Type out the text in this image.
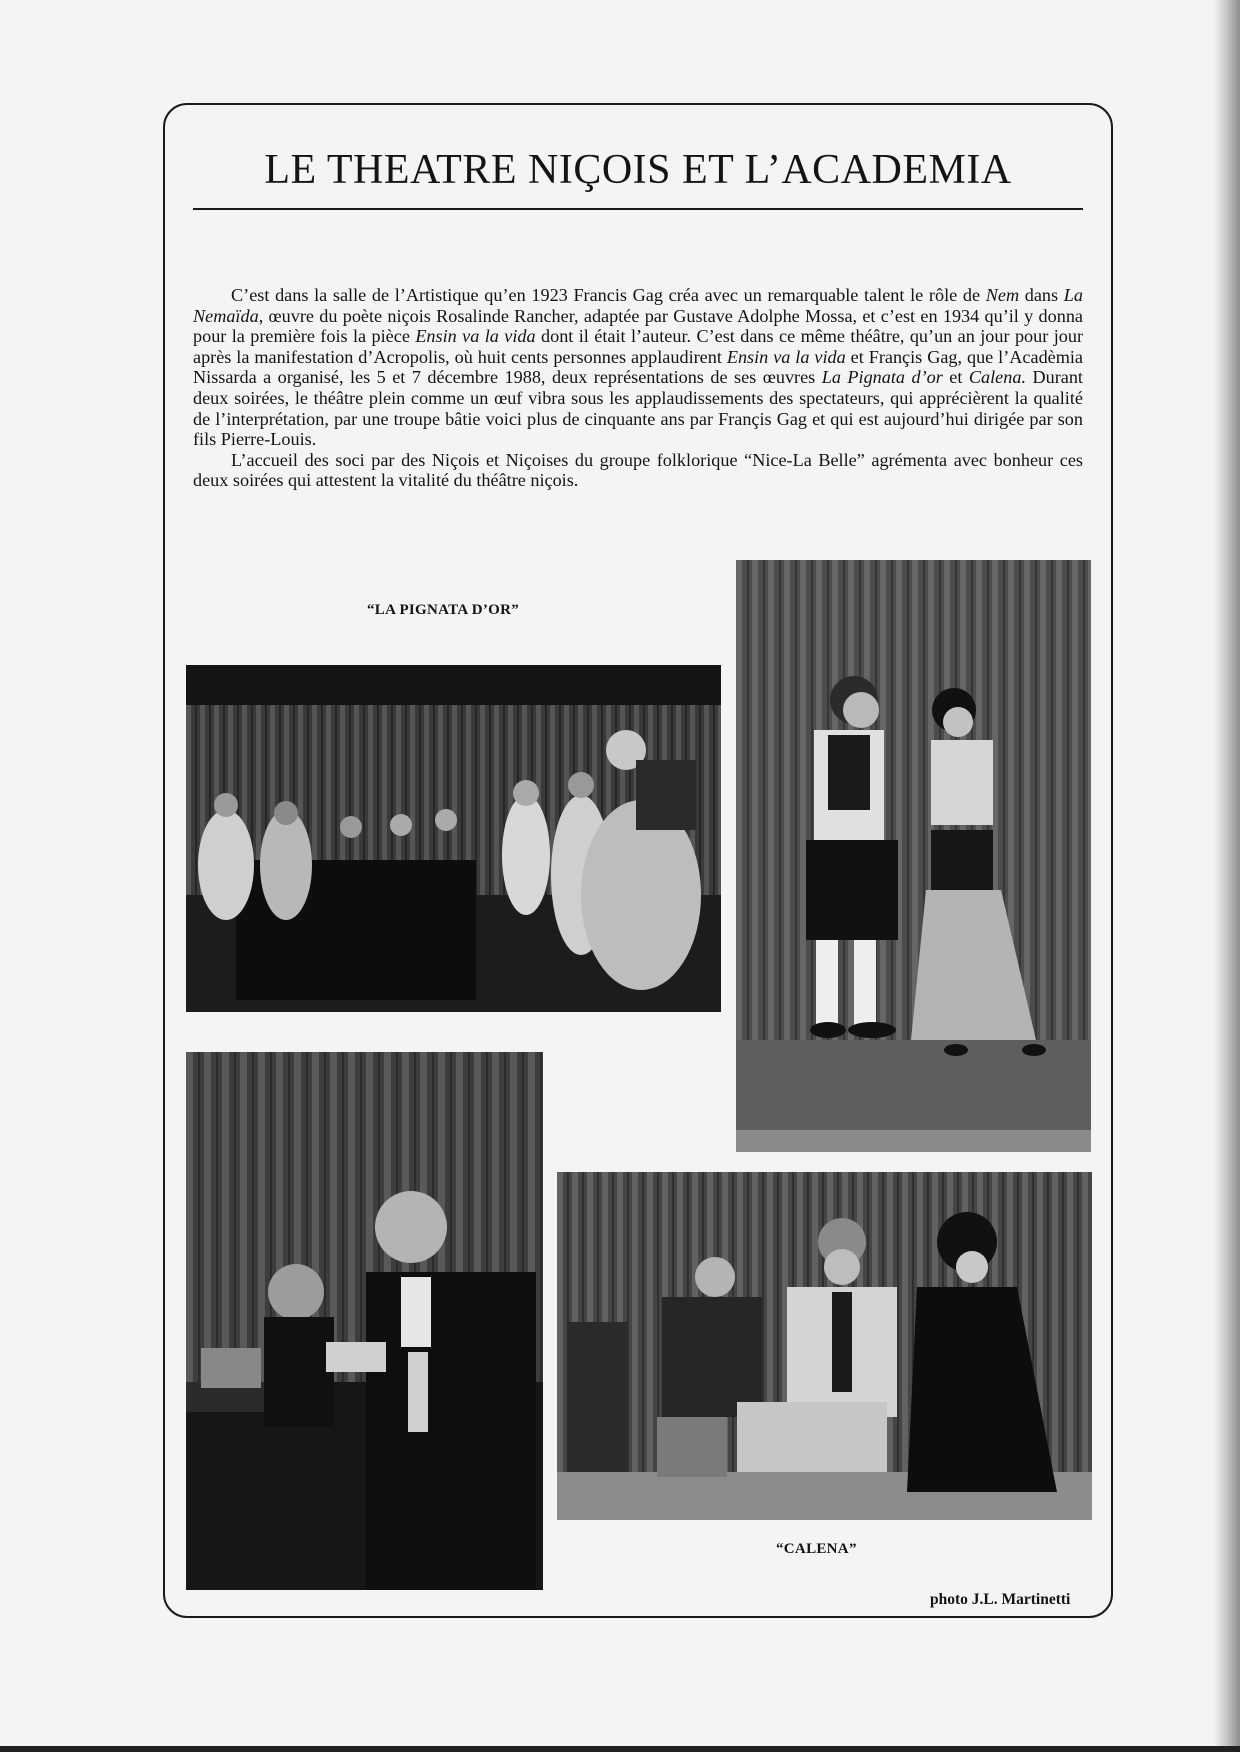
LE THEATRE NIÇOIS ET L’ACADEMIA

C’est dans la salle de l’Artistique qu’en 1923 Francis Gag créa avec un remarquable talent le rôle de Nem dans La Nemaïda, œuvre du poète niçois Rosalinde Rancher, adaptée par Gustave Adolphe Mossa, et c’est en 1934 qu’il y donna pour la première fois la pièce Ensin va la vida dont il était l’auteur. C’est dans ce même théâtre, qu’un an jour pour jour après la manifestation d’Acropolis, où huit cents personnes applaudirent Ensin va la vida et Françis Gag, que l’Acadèmia Nissarda a organisé, les 5 et 7 décembre 1988, deux représentations de ses œuvres La Pignata d’or et Calena. Durant deux soirées, le théâtre plein comme un œuf vibra sous les applaudissements des spectateurs, qui apprécièrent la qualité de l’interprétation, par une troupe bâtie voici plus de cinquante ans par Françis Gag et qui est aujourd’hui dirigée par son fils Pierre-Louis.

L’accueil des soci par des Niçois et Niçoises du groupe folklorique “Nice-La Belle” agrémenta avec bonheur ces deux soirées qui attestent la vitalité du théâtre niçois.

“LA PIGNATA D’OR”
“CALENA”
photo J.L. Martinetti
